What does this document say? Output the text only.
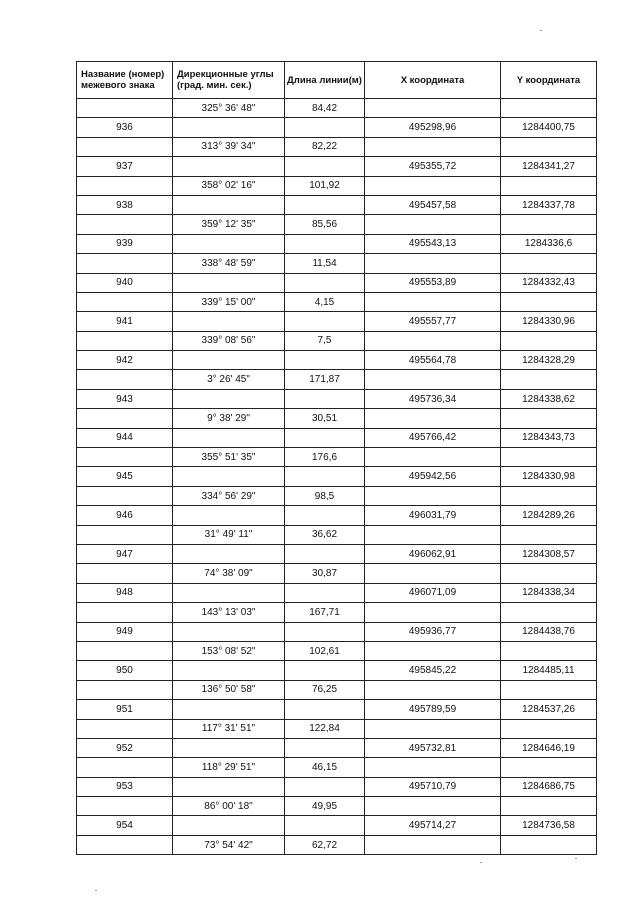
Название (номер) межевого знака	Дирекционные углы (град. мин. сек.)	Длина линии(м)	X координата	Y координата
	325° 36' 48"	84,42		
936			495298,96	1284400,75
	313° 39' 34"	82,22		
937			495355,72	1284341,27
	358° 02' 16"	101,92		
938			495457,58	1284337,78
	359° 12' 35"	85,56		
939			495543,13	1284336,6
	338° 48' 59"	11,54		
940			495553,89	1284332,43
	339° 15' 00"	4,15		
941			495557,77	1284330,96
	339° 08' 56"	7,5		
942			495564,78	1284328,29
	3° 26' 45"	171,87		
943			495736,34	1284338,62
	9° 38' 29"	30,51		
944			495766,42	1284343,73
	355° 51' 35"	176,6		
945			495942,56	1284330,98
	334° 56' 29"	98,5		
946			496031,79	1284289,26
	31° 49' 11"	36,62		
947			496062,91	1284308,57
	74° 38' 09"	30,87		
948			496071,09	1284338,34
	143° 13' 03"	167,71		
949			495936,77	1284438,76
	153° 08' 52"	102,61		
950			495845,22	1284485,11
	136° 50' 58"	76,25		
951			495789,59	1284537,26
	117° 31' 51"	122,84		
952			495732,81	1284646,19
	118° 29' 51"	46,15		
953			495710,79	1284686,75
	86° 00' 18"	49,95		
954			495714,27	1284736,58
	73° 54' 42"	62,72		
